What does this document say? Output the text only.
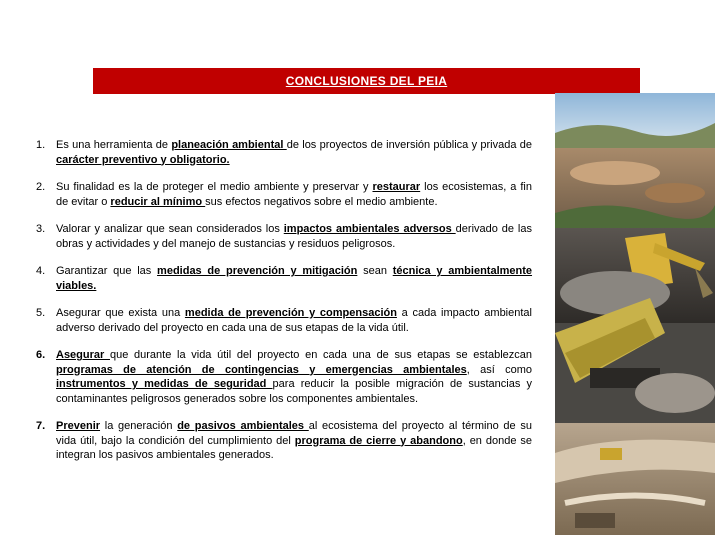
CONCLUSIONES DEL PEIA
1. Es una herramienta de planeación ambiental de los proyectos de inversión pública y privada de carácter preventivo y obligatorio.
2. Su finalidad es la de proteger el medio ambiente y preservar y restaurar los ecosistemas, a fin de evitar o reducir al mínimo sus efectos negativos sobre el medio ambiente.
3. Valorar y analizar que sean considerados los impactos ambientales adversos derivado de las obras y actividades y del manejo de sustancias y residuos peligrosos.
4. Garantizar que las medidas de prevención y mitigación sean técnica y ambientalmente viables.
5. Asegurar que exista una medida de prevención y compensación a cada impacto ambiental adverso derivado del proyecto en cada una de sus etapas de la vida útil.
6. Asegurar que durante la vida útil del proyecto en cada una de sus etapas se establezcan programas de atención de contingencias y emergencias ambientales, así como instrumentos y medidas de seguridad para reducir la posible migración de sustancias y contaminantes peligrosos generados sobre los componentes ambientales.
7. Prevenir la generación de pasivos ambientales al ecosistema del proyecto al término de su vida útil, bajo la condición del cumplimiento del programa de cierre y abandono, en donde se integran los pasivos ambientales generados.
